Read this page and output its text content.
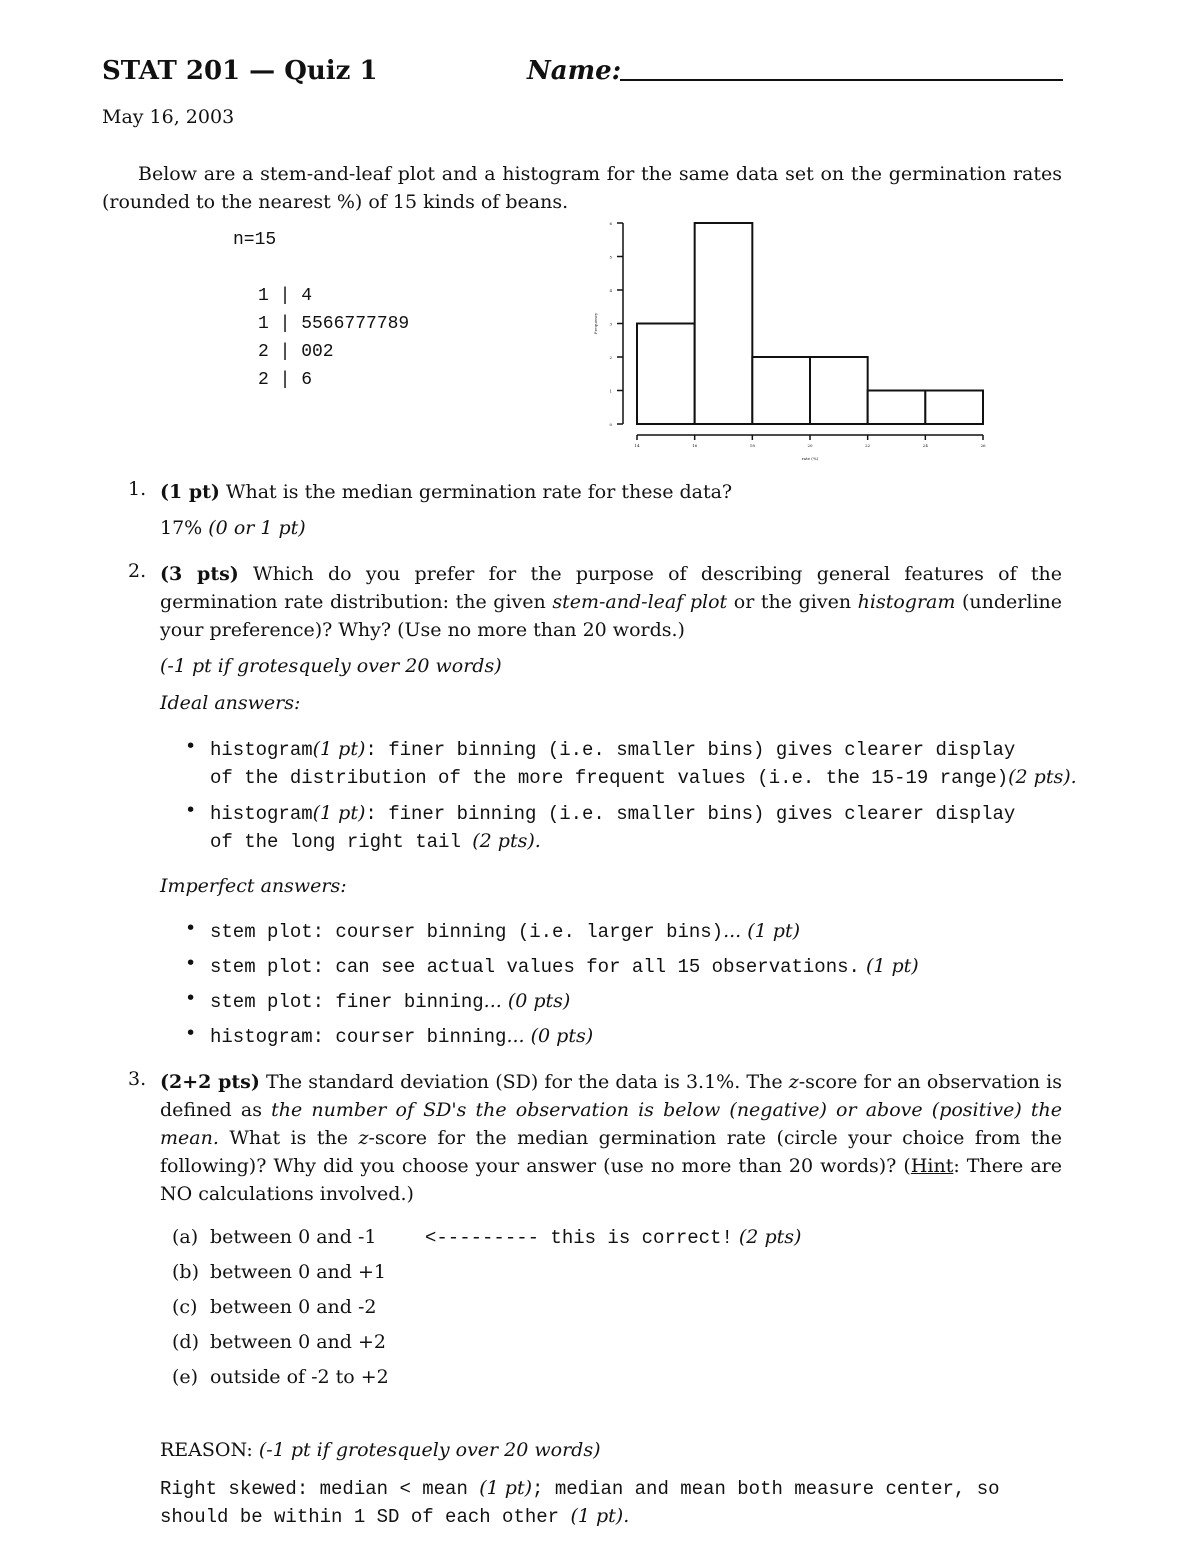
STAT 201 — Quiz 1	Name:
May 16, 2003
Below are a stem-and-leaf plot and a histogram for the same data set on the germination rates (rounded to the nearest %) of 15 kinds of beans.
n=15
1 | 4
1 | 5566777789
2 | 002
2 | 6
0
1
2
3
4
5
6
14	16	18	20	22	24	26
rate (%)
Frequency
1. (1 pt) What is the median germination rate for these data?
17% (0 or 1 pt)
2. (3 pts) Which do you prefer for the purpose of describing general features of the germination rate distribution: the given stem-and-leaf plot or the given histogram (underline your preference)? Why? (Use no more than 20 words.)
(-1 pt if grotesquely over 20 words)
Ideal answers:
• histogram(1 pt): finer binning (i.e. smaller bins) gives clearer display
of the distribution of the more frequent values (i.e. the 15-19 range)(2 pts).
• histogram(1 pt): finer binning (i.e. smaller bins) gives clearer display
of the long right tail (2 pts).
Imperfect answers:
• stem plot: courser binning (i.e. larger bins)... (1 pt)
• stem plot: can see actual values for all 15 observations. (1 pt)
• stem plot: finer binning... (0 pts)
• histogram: courser binning... (0 pts)
3. (2+2 pts) The standard deviation (SD) for the data is 3.1%. The z-score for an observation is defined as the number of SD's the observation is below (negative) or above (positive) the mean. What is the z-score for the median germination rate (circle your choice from the following)? Why did you choose your answer (use no more than 20 words)? (Hint: There are NO calculations involved.)
(a) between 0 and -1	<--------- this is correct! (2 pts)
(b) between 0 and +1
(c) between 0 and -2
(d) between 0 and +2
(e) outside of -2 to +2
REASON: (-1 pt if grotesquely over 20 words)
Right skewed: median < mean (1 pt); median and mean both measure center, so
should be within 1 SD of each other (1 pt).
